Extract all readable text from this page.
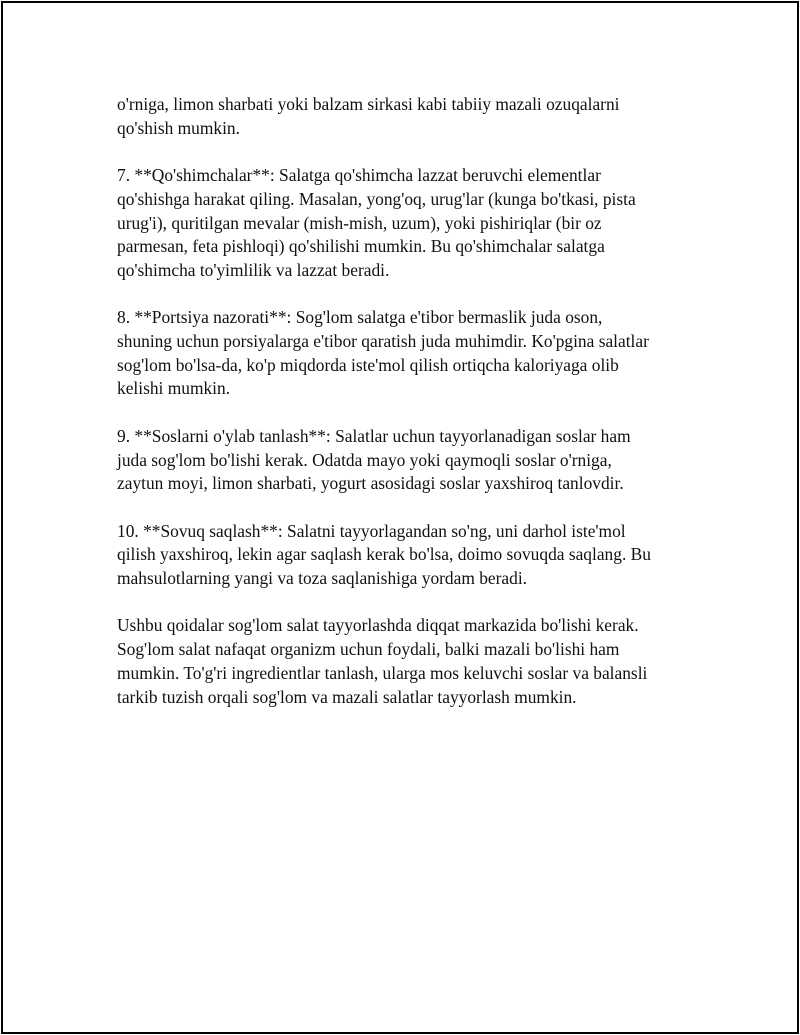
o'rniga, limon sharbati yoki balzam sirkasi kabi tabiiy mazali ozuqalarni
qo'shish mumkin.

7. **Qo'shimchalar**: Salatga qo'shimcha lazzat beruvchi elementlar
qo'shishga harakat qiling. Masalan, yong'oq, urug'lar (kunga bo'tkasi, pista
urug'i), quritilgan mevalar (mish-mish, uzum), yoki pishiriqlar (bir oz
parmesan, feta pishloqi) qo'shilishi mumkin. Bu qo'shimchalar salatga
qo'shimcha to'yimlilik va lazzat beradi.

8. **Portsiya nazorati**: Sog'lom salatga e'tibor bermaslik juda oson,
shuning uchun porsiyalarga e'tibor qaratish juda muhimdir. Ko'pgina salatlar
sog'lom bo'lsa-da, ko'p miqdorda iste'mol qilish ortiqcha kaloriyaga olib
kelishi mumkin.

9. **Soslarni o'ylab tanlash**: Salatlar uchun tayyorlanadigan soslar ham
juda sog'lom bo'lishi kerak. Odatda mayo yoki qaymoqli soslar o'rniga,
zaytun moyi, limon sharbati, yogurt asosidagi soslar yaxshiroq tanlovdir.

10. **Sovuq saqlash**: Salatni tayyorlagandan so'ng, uni darhol iste'mol
qilish yaxshiroq, lekin agar saqlash kerak bo'lsa, doimo sovuqda saqlang. Bu
mahsulotlarning yangi va toza saqlanishiga yordam beradi.

Ushbu qoidalar sog'lom salat tayyorlashda diqqat markazida bo'lishi kerak.
Sog'lom salat nafaqat organizm uchun foydali, balki mazali bo'lishi ham
mumkin. To'g'ri ingredientlar tanlash, ularga mos keluvchi soslar va balansli
tarkib tuzish orqali sog'lom va mazali salatlar tayyorlash mumkin.
